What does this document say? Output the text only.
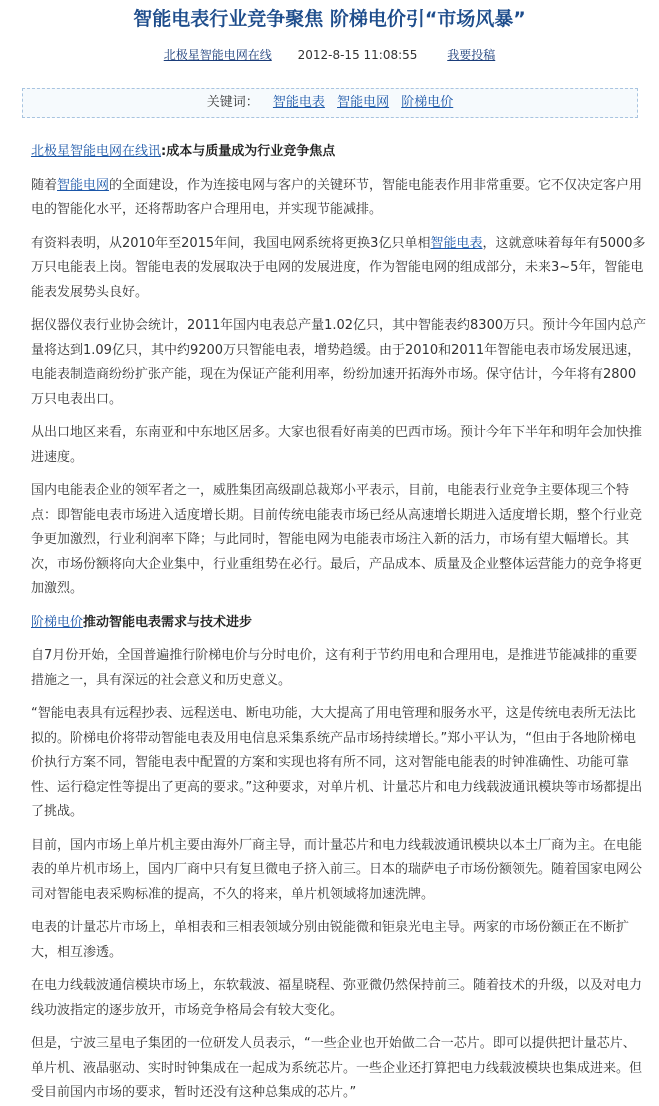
智能电表行业竞争聚焦 阶梯电价引“市场风暴”
北极星智能电网在线 2012-8-15 11:08:55 我要投稿
关键词： 智能电表 智能电网 阶梯电价

北极星智能电网在线讯:成本与质量成为行业竞争焦点

随着智能电网的全面建设，作为连接电网与客户的关键环节，智能电能表作用非常重要。它不仅决定客户用电的智能化水平，还将帮助客户合理用电，并实现节能减排。

有资料表明，从2010年至2015年间，我国电网系统将更换3亿只单相智能电表，这就意味着每年有5000多万只电能表上岗。智能电表的发展取决于电网的发展进度，作为智能电网的组成部分，未来3~5年，智能电能表发展势头良好。

据仪器仪表行业协会统计，2011年国内电表总产量1.02亿只，其中智能表约8300万只。预计今年国内总产量将达到1.09亿只，其中约9200万只智能电表，增势趋缓。由于2010和2011年智能电表市场发展迅速，电能表制造商纷纷扩张产能，现在为保证产能利用率，纷纷加速开拓海外市场。保守估计，今年将有2800万只电表出口。

从出口地区来看，东南亚和中东地区居多。大家也很看好南美的巴西市场。预计今年下半年和明年会加快推进速度。

国内电能表企业的领军者之一，威胜集团高级副总裁郑小平表示，目前，电能表行业竞争主要体现三个特点：即智能电表市场进入适度增长期。目前传统电能表市场已经从高速增长期进入适度增长期，整个行业竞争更加激烈，行业利润率下降；与此同时，智能电网为电能表市场注入新的活力，市场有望大幅增长。其次，市场份额将向大企业集中，行业重组势在必行。最后，产品成本、质量及企业整体运营能力的竞争将更加激烈。

阶梯电价推动智能电表需求与技术进步

自7月份开始，全国普遍推行阶梯电价与分时电价，这有利于节约用电和合理用电，是推进节能减排的重要措施之一，具有深远的社会意义和历史意义。

“智能电表具有远程抄表、远程送电、断电功能，大大提高了用电管理和服务水平，这是传统电表所无法比拟的。阶梯电价将带动智能电表及用电信息采集系统产品市场持续增长。”郑小平认为，“但由于各地阶梯电价执行方案不同，智能电表中配置的方案和实现也将有所不同，这对智能电能表的时钟准确性、功能可靠性、运行稳定性等提出了更高的要求。”这种要求，对单片机、计量芯片和电力线载波通讯模块等市场都提出了挑战。

目前，国内市场上单片机主要由海外厂商主导，而计量芯片和电力线载波通讯模块以本土厂商为主。在电能表的单片机市场上，国内厂商中只有复旦微电子挤入前三。日本的瑞萨电子市场份额领先。随着国家电网公司对智能电表采购标准的提高，不久的将来，单片机领域将加速洗牌。

电表的计量芯片市场上，单相表和三相表领域分别由锐能微和钜泉光电主导。两家的市场份额正在不断扩大，相互渗透。

在电力线载波通信模块市场上，东软载波、福星晓程、弥亚微仍然保持前三。随着技术的升级，以及对电力线功波指定的逐步放开，市场竞争格局会有较大变化。

但是，宁波三星电子集团的一位研发人员表示，“一些企业也开始做二合一芯片。即可以提供把计量芯片、单片机、液晶驱动、实时时钟集成在一起成为系统芯片。一些企业还打算把电力线载波模块也集成进来。但受目前国内市场的要求，暂时还没有这种总集成的芯片。”
